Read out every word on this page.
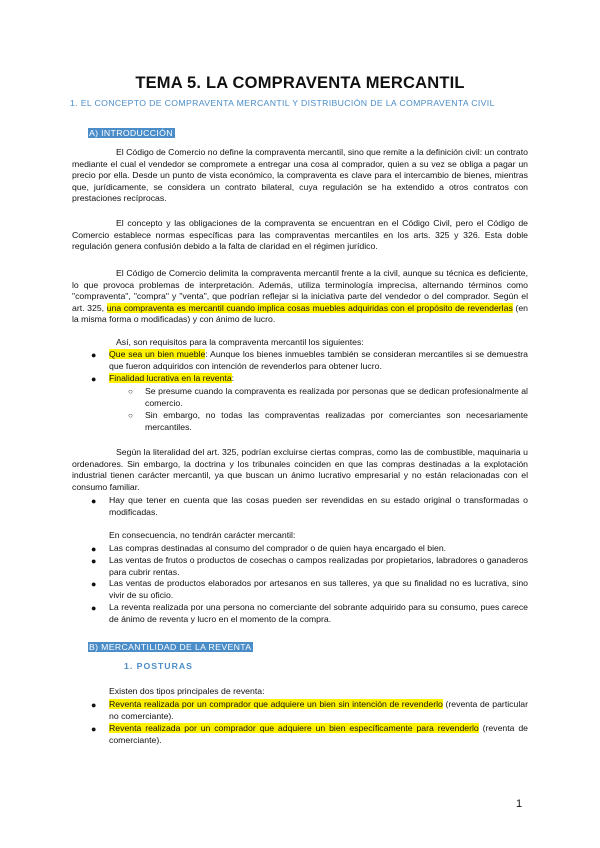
TEMA 5. LA COMPRAVENTA MERCANTIL
1. EL CONCEPTO DE COMPRAVENTA MERCANTIL Y DISTRIBUCIÓN DE LA COMPRAVENTA CIVIL
A) INTRODUCCIÓN
El Código de Comercio no define la compraventa mercantil, sino que remite a la definición civil: un contrato mediante el cual el vendedor se compromete a entregar una cosa al comprador, quien a su vez se obliga a pagar un precio por ella. Desde un punto de vista económico, la compraventa es clave para el intercambio de bienes, mientras que, jurídicamente, se considera un contrato bilateral, cuya regulación se ha extendido a otros contratos con prestaciones recíprocas.
El concepto y las obligaciones de la compraventa se encuentran en el Código Civil, pero el Código de Comercio establece normas específicas para las compraventas mercantiles en los arts. 325 y 326. Esta doble regulación genera confusión debido a la falta de claridad en el régimen jurídico.
El Código de Comercio delimita la compraventa mercantil frente a la civil, aunque su técnica es deficiente, lo que provoca problemas de interpretación. Además, utiliza terminología imprecisa, alternando términos como "compraventa", "compra" y "venta", que podrían reflejar si la iniciativa parte del vendedor o del comprador. Según el art. 325, una compraventa es mercantil cuando implica cosas muebles adquiridas con el propósito de revenderlas (en la misma forma o modificadas) y con ánimo de lucro.
Así, son requisitos para la compraventa mercantil los siguientes:
● Que sea un bien mueble: Aunque los bienes inmuebles también se consideran mercantiles si se demuestra que fueron adquiridos con intención de revenderlos para obtener lucro.
● Finalidad lucrativa en la reventa:
○ Se presume cuando la compraventa es realizada por personas que se dedican profesionalmente al comercio.
○ Sin embargo, no todas las compraventas realizadas por comerciantes son necesariamente mercantiles.
Según la literalidad del art. 325, podrían excluirse ciertas compras, como las de combustible, maquinaria u ordenadores. Sin embargo, la doctrina y los tribunales coinciden en que las compras destinadas a la explotación industrial tienen carácter mercantil, ya que buscan un ánimo lucrativo empresarial y no están relacionadas con el consumo familiar.
● Hay que tener en cuenta que las cosas pueden ser revendidas en su estado original o transformadas o modificadas.
En consecuencia, no tendrán carácter mercantil:
● Las compras destinadas al consumo del comprador o de quien haya encargado el bien.
● Las ventas de frutos o productos de cosechas o campos realizadas por propietarios, labradores o ganaderos para cubrir rentas.
● Las ventas de productos elaborados por artesanos en sus talleres, ya que su finalidad no es lucrativa, sino vivir de su oficio.
● La reventa realizada por una persona no comerciante del sobrante adquirido para su consumo, pues carece de ánimo de reventa y lucro en el momento de la compra.
B) MERCANTILIDAD DE LA REVENTA
1. POSTURAS
Existen dos tipos principales de reventa:
● Reventa realizada por un comprador que adquiere un bien sin intención de revenderlo (reventa de particular no comerciante).
● Reventa realizada por un comprador que adquiere un bien específicamente para revenderlo (reventa de comerciante).
1
